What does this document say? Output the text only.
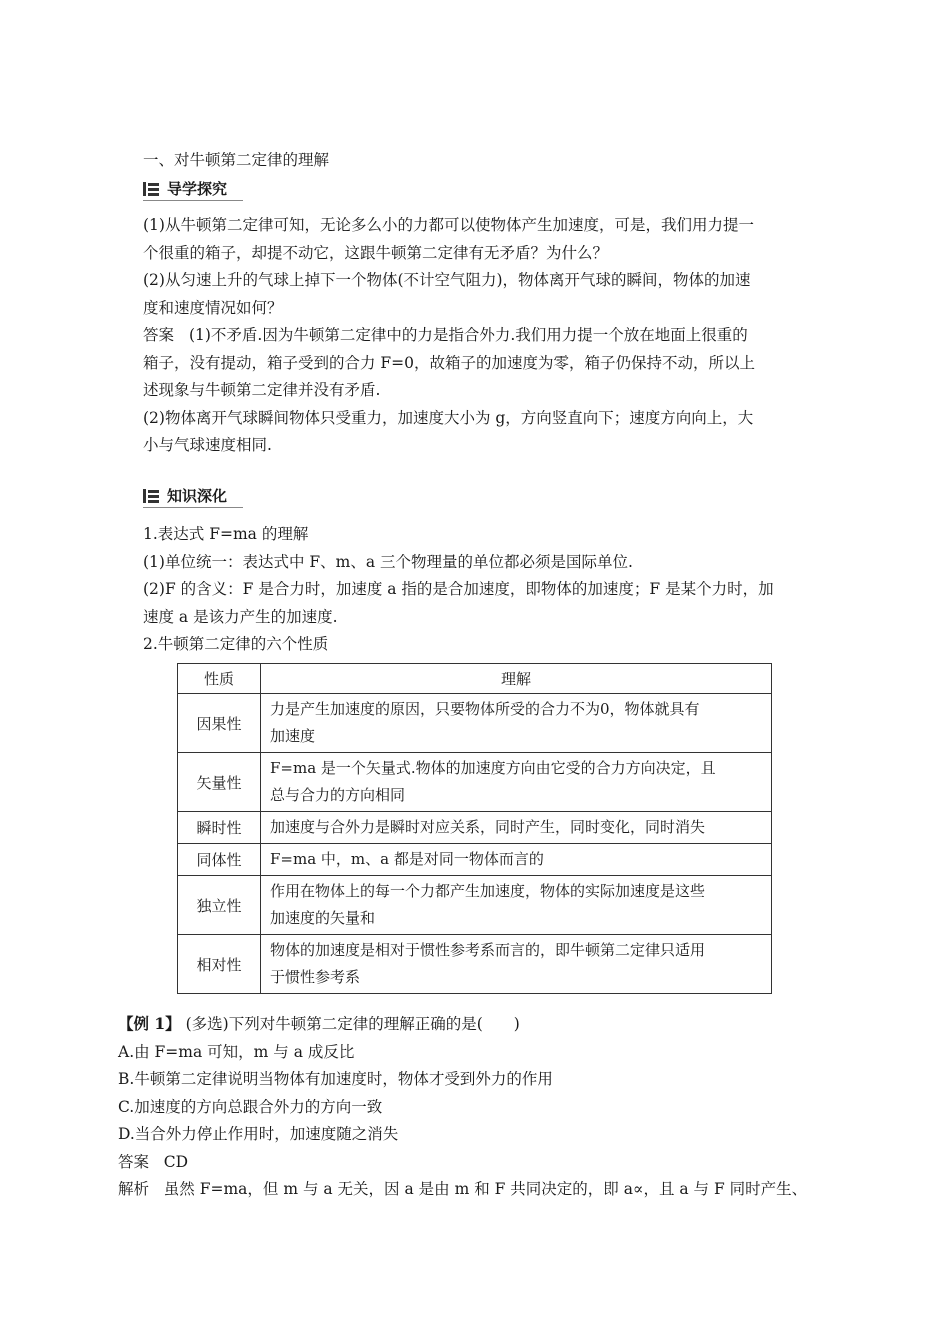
一、对牛顿第二定律的理解
导学探究
(1)从牛顿第二定律可知，无论多么小的力都可以使物体产生加速度，可是，我们用力提一
个很重的箱子，却提不动它，这跟牛顿第二定律有无矛盾？为什么？
(2)从匀速上升的气球上掉下一个物体(不计空气阻力)，物体离开气球的瞬间，物体的加速
度和速度情况如何？
答案 (1)不矛盾.因为牛顿第二定律中的力是指合外力.我们用力提一个放在地面上很重的
箱子，没有提动，箱子受到的合力 F=0，故箱子的加速度为零，箱子仍保持不动，所以上
述现象与牛顿第二定律并没有矛盾.
(2)物体离开气球瞬间物体只受重力，加速度大小为 g，方向竖直向下；速度方向向上，大
小与气球速度相同.
知识深化
1.表达式 F=ma 的理解
(1)单位统一：表达式中 F、m、a 三个物理量的单位都必须是国际单位.
(2)F 的含义：F 是合力时，加速度 a 指的是合加速度，即物体的加速度；F 是某个力时，加
速度 a 是该力产生的加速度.
2.牛顿第二定律的六个性质
性质	理解
因果性	力是产生加速度的原因，只要物体所受的合力不为0，物体就具有
加速度

矢量性	F=ma 是一个矢量式.物体的加速度方向由它受的合力方向决定，且
总与合力的方向相同

瞬时性	加速度与合外力是瞬时对应关系，同时产生，同时变化，同时消失

同体性	F=ma 中，m、a 都是对同一物体而言的

独立性	作用在物体上的每一个力都产生加速度，物体的实际加速度是这些
加速度的矢量和

相对性	物体的加速度是相对于惯性参考系而言的，即牛顿第二定律只适用
于惯性参考系
【例 1】 (多选)下列对牛顿第二定律的理解正确的是(　　)
A.由 F=ma 可知，m 与 a 成反比
B.牛顿第二定律说明当物体有加速度时，物体才受到外力的作用
C.加速度的方向总跟合外力的方向一致
D.当合外力停止作用时，加速度随之消失
答案 CD
解析 虽然 F=ma，但 m 与 a 无关，因 a 是由 m 和 F 共同决定的，即 a∝，且 a 与 F 同时产生、
